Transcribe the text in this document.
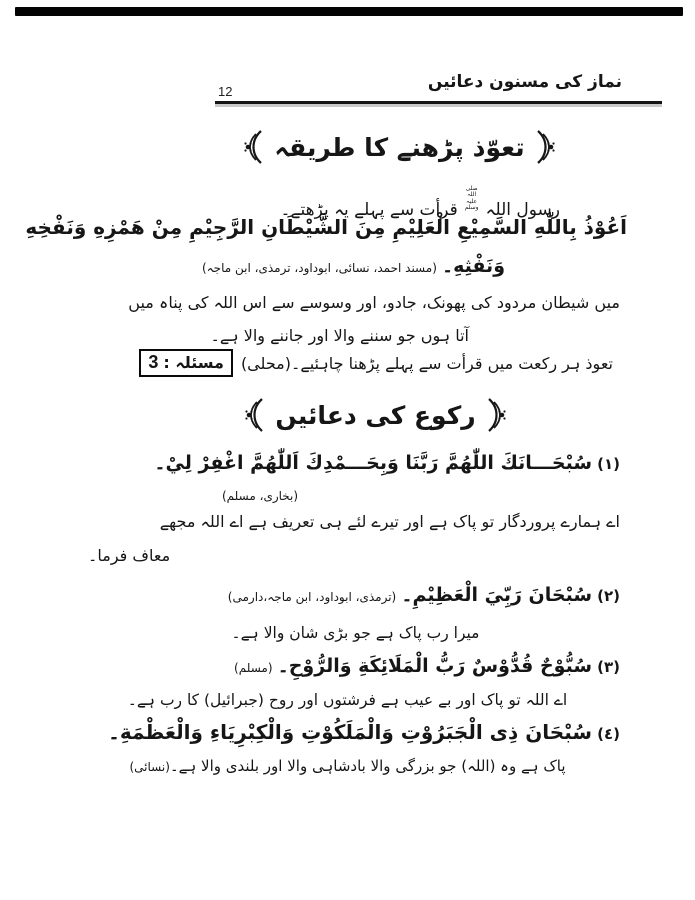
12	نماز کی مسنون دعائیں
تعوّذ پڑھنے کا طریقہ
رسول اللہ صلی اللہ علیہ وسلم قرأت سے پہلے یہ پڑھتے۔
اَعُوْذُ بِاللّٰهِ السَّمِيْعِ الْعَلِيْمِ مِنَ الشَّيْطَانِ الرَّجِيْمِ مِنْ هَمْزِهِ وَنَفْخِهِ
وَنَفْثِهِ۔ (مسند احمد، نسائی، ابوداود، ترمذی، ابن ماجہ)
میں شیطان مردود کی پھونک، جادو، اور وسوسے سے اس اللہ کی پناہ میں
آتا ہوں جو سننے والا اور جاننے والا ہے۔
مسئلہ :
3	تعوذ ہر رکعت میں قرأت سے پہلے پڑھنا چاہئیے۔(محلی)
رکوع کی دعائیں
(١) سُبْحَـــانَكَ اللّٰهُمَّ رَبَّنَا وَبِحَـــمْدِكَ اَللّٰهُمَّ اغْفِرْ لِيْ۔
(بخاری، مسلم)
اے ہمارے پروردگار تو پاک ہے اور تیرے لئے ہی تعریف ہے اے اللہ مجھے
معاف فرما۔
(٢) سُبْحَانَ رَبِّيَ الْعَظِيْمِ۔ (ترمذی، ابوداود، ابن ماجہ،دارمی)
میرا رب پاک ہے جو بڑی شان والا ہے۔
(٣) سُبُّوْحٌ قُدُّوْسٌ رَبُّ الْمَلَائِكَةِ وَالرُّوْحِ۔ (مسلم)
اے اللہ تو پاک اور بے عیب ہے فرشتوں اور روح (جبرائیل) کا رب ہے۔
(٤) سُبْحَانَ ذِی الْجَبَرُوْتِ وَالْمَلَكُوْتِ وَالْكِبْرِيَاءِ وَالْعَظْمَةِ۔
پاک ہے وہ (اللہ) جو بزرگی والا بادشاہی والا اور بلندی والا ہے۔(نسائی)
